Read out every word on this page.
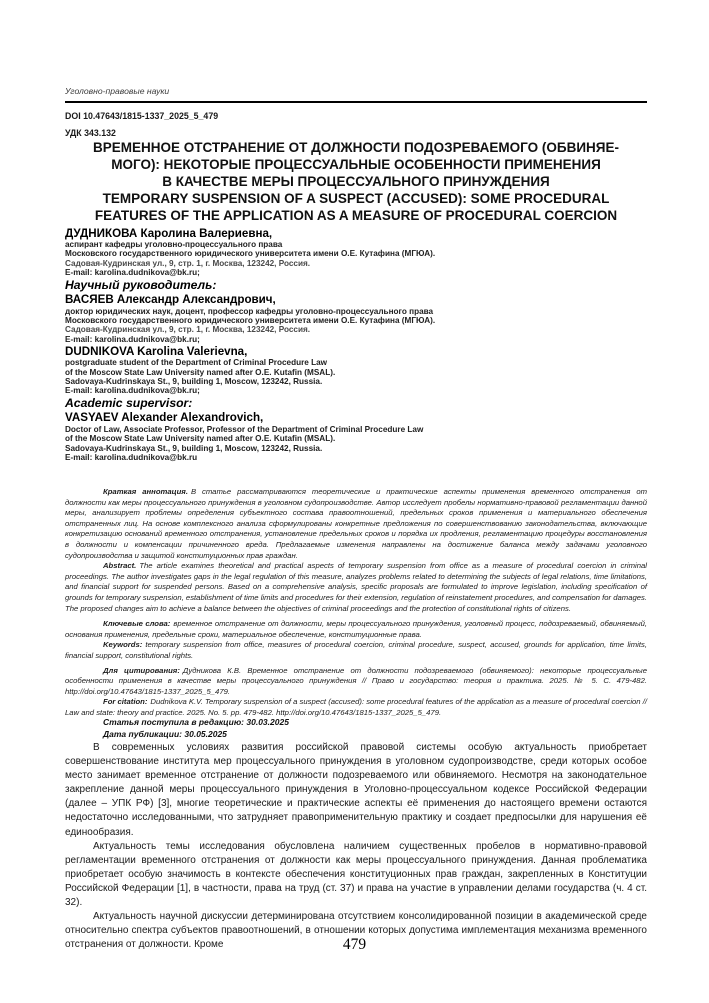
Уголовно-правовые науки
DOI 10.47643/1815-1337_2025_5_479
УДК 343.132
ВРЕМЕННОЕ ОТСТРАНЕНИЕ ОТ ДОЛЖНОСТИ ПОДОЗРЕВАЕМОГО (ОБВИНЯЕ-
МОГО): НЕКОТОРЫЕ ПРОЦЕССУАЛЬНЫЕ ОСОБЕННОСТИ ПРИМЕНЕНИЯ
В КАЧЕСТВЕ МЕРЫ ПРОЦЕССУАЛЬНОГО ПРИНУЖДЕНИЯ
TEMPORARY SUSPENSION OF A SUSPECT (ACCUSED): SOME PROCEDURAL
FEATURES OF THE APPLICATION AS A MEASURE OF PROCEDURAL COERCION
ДУДНИКОВА Каролина Валериевна,
аспирант кафедры уголовно-процессуального права
Московского государственного юридического университета имени О.Е. Кутафина (МГЮА).
Садовая-Кудринская ул., 9, стр. 1, г. Москва, 123242, Россия.
E-mail: karolina.dudnikova@bk.ru;
Научный руководитель:
ВАСЯЕВ Александр Александрович,
доктор юридических наук, доцент, профессор кафедры уголовно-процессуального права
Московского государственного юридического университета имени О.Е. Кутафина (МГЮА).
Садовая-Кудринская ул., 9, стр. 1, г. Москва, 123242, Россия.
E-mail: karolina.dudnikova@bk.ru;
DUDNIKOVA Karolina Valerievna,
postgraduate student of the Department of Criminal Procedure Law
of the Moscow State Law University named after O.E. Kutafin (MSAL).
Sadovaya-Kudrinskaya St., 9, building 1, Moscow, 123242, Russia.
E-mail: karolina.dudnikova@bk.ru;
Academic supervisor:
VASYAEV Alexander Alexandrovich,
Doctor of Law, Associate Professor, Professor of the Department of Criminal Procedure Law
of the Moscow State Law University named after O.E. Kutafin (MSAL).
Sadovaya-Kudrinskaya St., 9, building 1, Moscow, 123242, Russia.
E-mail: karolina.dudnikova@bk.ru

Краткая аннотация. В статье рассматриваются теоретические и практические аспекты применения временного отстранения от должности как меры процессуального принуждения в уголовном судопроизводстве. Автор исследует пробелы нормативно-правовой регламентации данной меры, анализирует проблемы определения субъектного состава правоотношений, предельных сроков применения и материального обеспечения отстраненных лиц. На основе комплексного анализа сформулированы конкретные предложения по совершенствованию законодательства, включающие конкретизацию оснований временного отстранения, установление предельных сроков и порядка их продления, регламентацию процедуры восстановления в должности и компенсации причиненного вреда. Предлагаемые изменения направлены на достижение баланса между задачами уголовного судопроизводства и защитой конституционных прав граждан.

Abstract. The article examines theoretical and practical aspects of temporary suspension from office as a measure of procedural coercion in criminal proceedings. The author investigates gaps in the legal regulation of this measure, analyzes problems related to determining the subjects of legal relations, time limitations, and financial support for suspended persons. Based on a comprehensive analysis, specific proposals are formulated to improve legislation, including specification of grounds for temporary suspension, establishment of time limits and procedures for their extension, regulation of reinstatement procedures, and compensation for damages. The proposed changes aim to achieve a balance between the objectives of criminal proceedings and the protection of constitutional rights of citizens.

Ключевые слова: временное отстранение от должности, меры процессуального принуждения, уголовный процесс, подозреваемый, обвиняемый, основания применения, предельные сроки, материальное обеспечение, конституционные права.

Keywords: temporary suspension from office, measures of procedural coercion, criminal procedure, suspect, accused, grounds for application, time limits, financial support, constitutional rights.

Для цитирования: Дудникова К.В. Временное отстранение от должности подозреваемого (обвиняемого): некоторые процессуальные особенности применения в качестве меры процессуального принуждения // Право и государство: теория и практика. 2025. № 5. С. 479-482. http://doi.org/10.47643/1815-1337_2025_5_479.

For citation: Dudnikova K.V. Temporary suspension of a suspect (accused): some procedural features of the application as a measure of procedural coercion // Law and state: theory and practice. 2025. No. 5. pp. 479-482. http://doi.org/10.47643/1815-1337_2025_5_479.

Статья поступила в редакцию: 30.03.2025
Дата публикации: 30.05.2025

В современных условиях развития российской правовой системы особую актуальность приобретает совершенствование института мер процессуального принуждения в уголовном судопроизводстве, среди которых особое место занимает временное отстранение от должности подозреваемого или обвиняемого. Несмотря на законодательное закрепление данной меры процессуального принуждения в Уголовно-процессуальном кодексе Российской Федерации (далее – УПК РФ) [3], многие теоретические и практические аспекты её применения до настоящего времени остаются недостаточно исследованными, что затрудняет правоприменительную практику и создает предпосылки для нарушения её единообразия.

Актуальность темы исследования обусловлена наличием существенных пробелов в нормативно-правовой регламентации временного отстранения от должности как меры процессуального принуждения. Данная проблематика приобретает особую значимость в контексте обеспечения конституционных прав граждан, закрепленных в Конституции Российской Федерации [1], в частности, права на труд (ст. 37) и права на участие в управлении делами государства (ч. 4 ст. 32).

Актуальность научной дискуссии детерминирована отсутствием консолидированной позиции в академической среде относительно спектра субъектов правоотношений, в отношении которых допустима имплементация механизма временного отстранения от должности. Кроме	479
